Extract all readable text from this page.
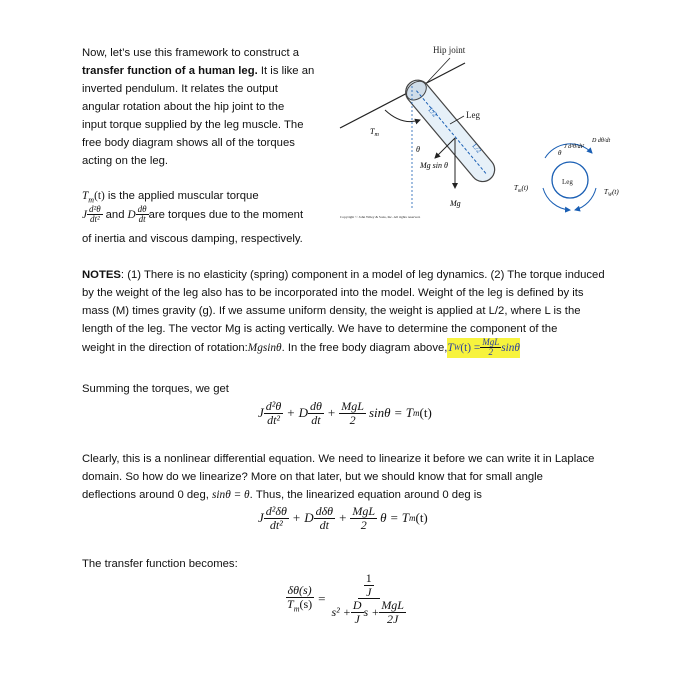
Now, let’s use this framework to construct a
transfer function of a human leg. It is like an
inverted pendulum. It relates the output
angular rotation about the hip joint to the
input torque supplied by the leg muscle. The
free body diagram shows all of the torques
acting on the leg.
$T_m(t)$ is the applied muscular torque
J $\frac{\text{d²θ}}{\text{dt²}}$ and D $\frac{d\theta}{dt}$ are torques due to the moment
of inertia and viscous damping, respectively.
Hip joint
L/2
L/2
Leg
$T_m$
θ
Mg sin θ
Mg
Copyright © John Wiley & Sons, Inc. All rights reserved.
Leg
$T_m(t)$	$T_W(t)$
θ
J d²θ/dt²
D dθ/dt
NOTES: (1) There is no elasticity (spring) component in a model of leg dynamics. (2) The torque induced
by the weight of the leg also has to be incorporated into the model. Weight of the leg is defined by its
mass (M) times gravity (g). If we assume uniform density, the weight is applied at L/2, where L is the
length of the leg. The vector Mg is acting vertically. We have to determine the component of the
weight in the direction of rotation: Mgsinθ . In the free body diagram above, T W $(t) = \frac{\text{MgL}}{2}$ sinθ
Summing the torques, we get
J $\frac{\text{d²θ}}{\text{dt²}} + D \frac{d\theta}{dt} + \frac{\text{MgL}}{2}$ sinθ = T m (t)
Clearly, this is a nonlinear differential equation. We need to linearize it before we can write it in Laplace
domain. So how do we linearize? More on that later, but we should know that for small angle
deflections around 0 deg, sinθ = θ. Thus, the linearized equation around 0 deg is
J $\frac{\text{d²δθ}}{\text{dt²}} + D \frac{\text{dδθ}}{dt} + \frac{\text{MgL}}{2}$ θ = T m (t)
The transfer function becomes:
$\frac{\delta\theta(s)}{T_m(s)} = \frac{\frac{1}{J}}{s^2 + \frac{D}{J} s + \frac{\text{MgL}}{2J}}$
